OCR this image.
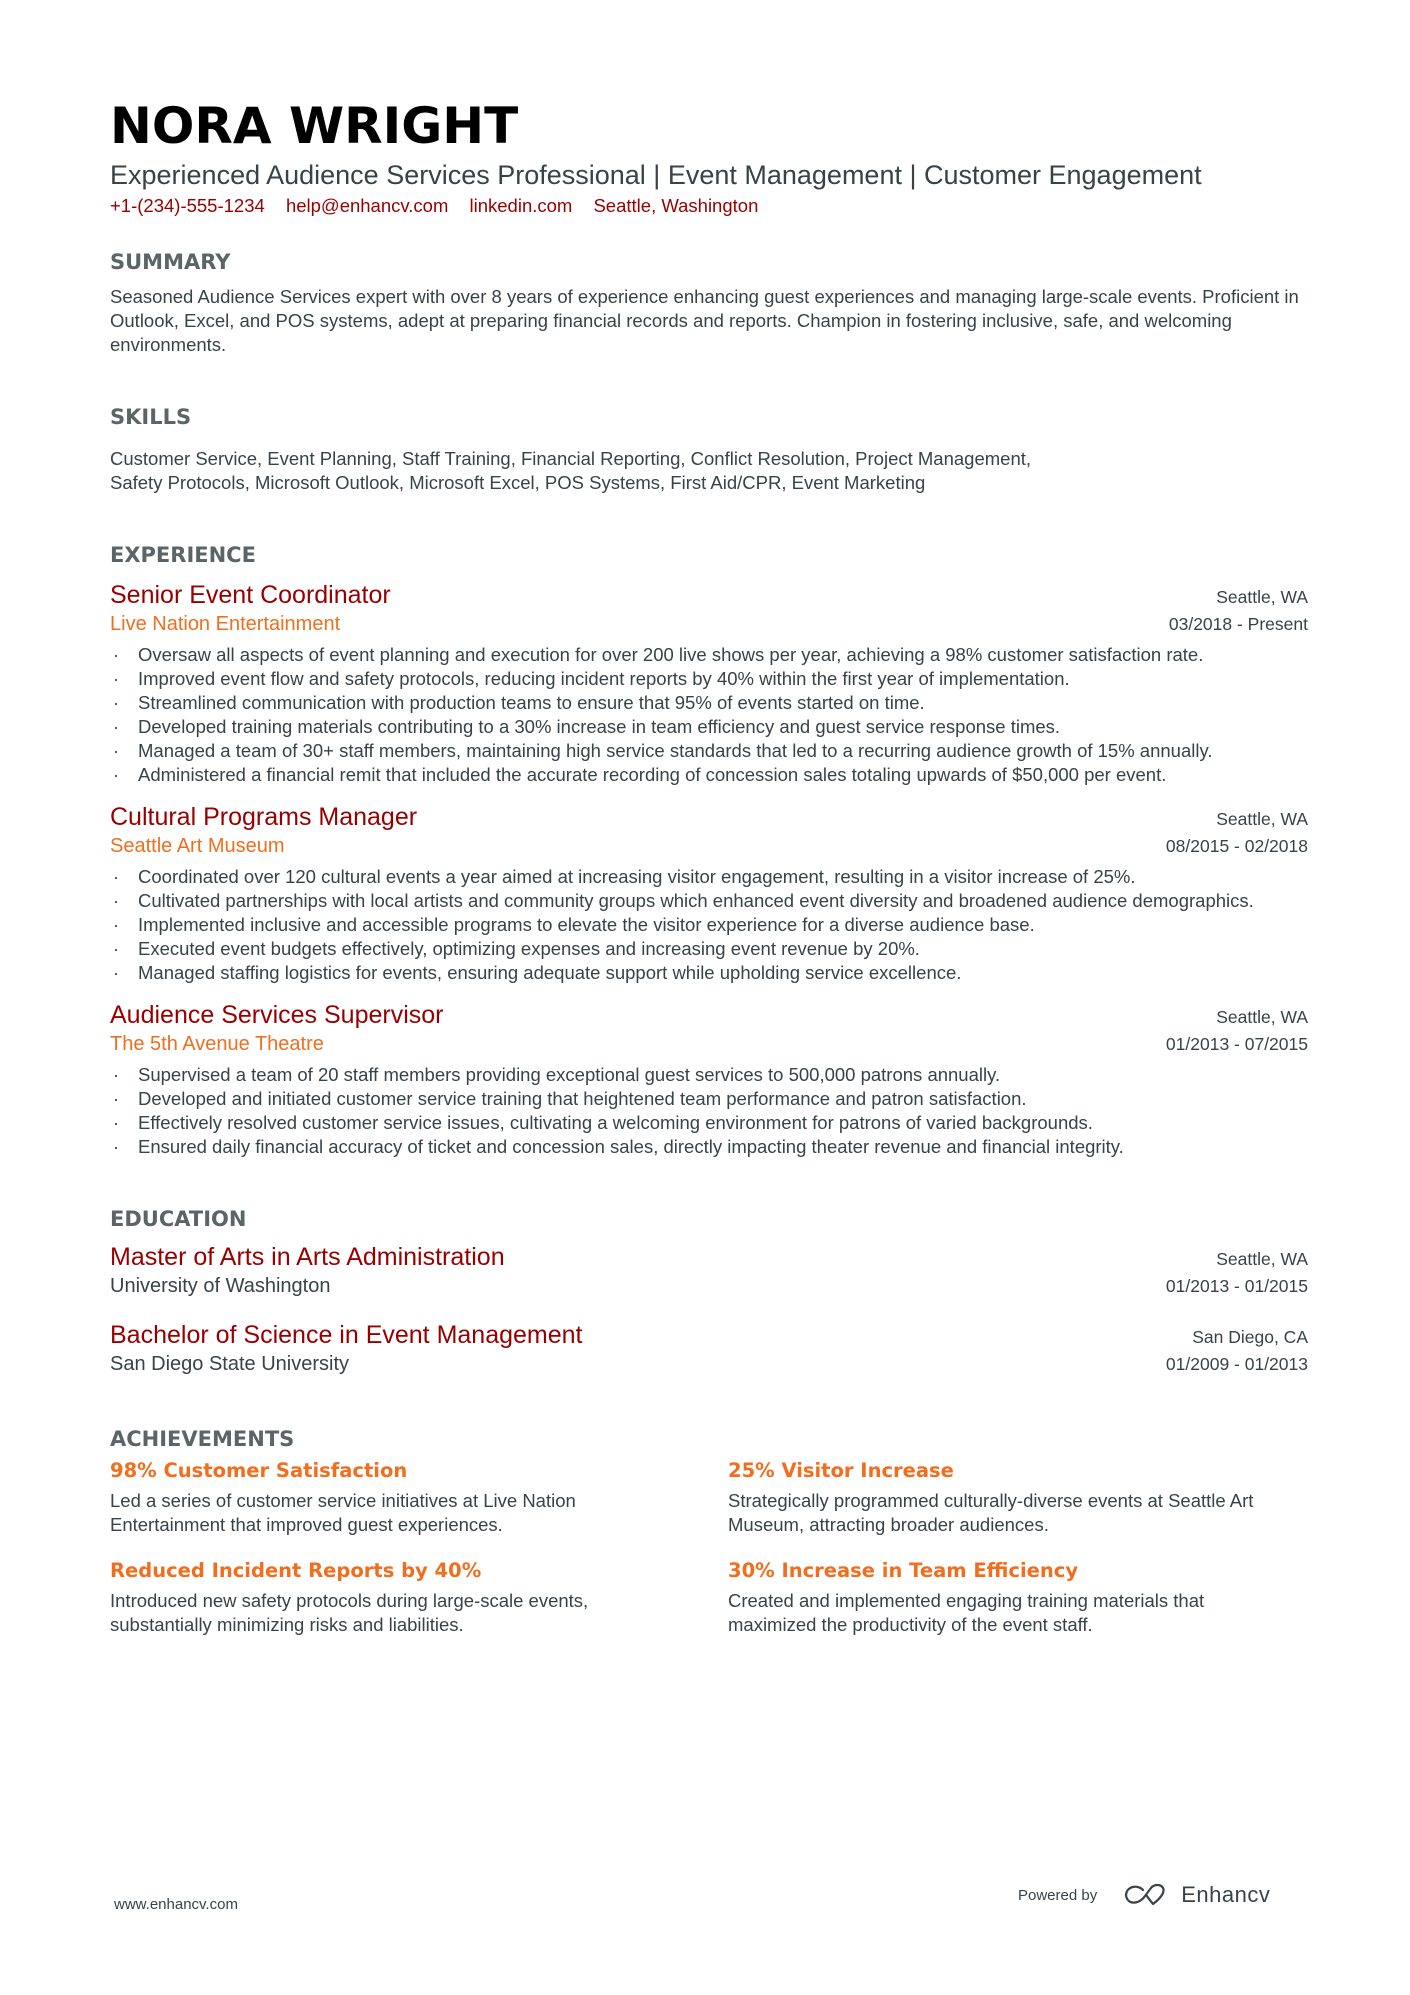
NORA WRIGHT
Experienced Audience Services Professional | Event Management | Customer Engagement
+1-(234)-555-1234 help@enhancv.com linkedin.com Seattle, Washington
SUMMARY

Seasoned Audience Services expert with over 8 years of experience enhancing guest experiences and managing large-scale events. Proficient in Outlook, Excel, and POS systems, adept at preparing financial records and reports. Champion in fostering inclusive, safe, and welcoming environments.

SKILLS

Customer Service, Event Planning, Staff Training, Financial Reporting, Conflict Resolution, Project Management,
Safety Protocols, Microsoft Outlook, Microsoft Excel, POS Systems, First Aid/CPR, Event Marketing

EXPERIENCE
Senior Event Coordinator	Seattle, WA
Live Nation Entertainment	03/2018 - Present
· Oversaw all aspects of event planning and execution for over 200 live shows per year, achieving a 98% customer satisfaction rate.
· Improved event flow and safety protocols, reducing incident reports by 40% within the first year of implementation.
· Streamlined communication with production teams to ensure that 95% of events started on time.
· Developed training materials contributing to a 30% increase in team efficiency and guest service response times.
· Managed a team of 30+ staff members, maintaining high service standards that led to a recurring audience growth of 15% annually.
· Administered a financial remit that included the accurate recording of concession sales totaling upwards of $50,000 per event.
Cultural Programs Manager	Seattle, WA
Seattle Art Museum	08/2015 - 02/2018
· Coordinated over 120 cultural events a year aimed at increasing visitor engagement, resulting in a visitor increase of 25%.
· Cultivated partnerships with local artists and community groups which enhanced event diversity and broadened audience demographics.
· Implemented inclusive and accessible programs to elevate the visitor experience for a diverse audience base.
· Executed event budgets effectively, optimizing expenses and increasing event revenue by 20%.
· Managed staffing logistics for events, ensuring adequate support while upholding service excellence.
Audience Services Supervisor	Seattle, WA
The 5th Avenue Theatre	01/2013 - 07/2015
· Supervised a team of 20 staff members providing exceptional guest services to 500,000 patrons annually.
· Developed and initiated customer service training that heightened team performance and patron satisfaction.
· Effectively resolved customer service issues, cultivating a welcoming environment for patrons of varied backgrounds.
· Ensured daily financial accuracy of ticket and concession sales, directly impacting theater revenue and financial integrity.
EDUCATION
Master of Arts in Arts Administration	Seattle, WA
University of Washington	01/2013 - 01/2015
Bachelor of Science in Event Management	San Diego, CA
San Diego State University	01/2009 - 01/2013
ACHIEVEMENTS
98% Customer Satisfaction
Led a series of customer service initiatives at Live Nation Entertainment that improved guest experiences.
25% Visitor Increase
Strategically programmed culturally-diverse events at Seattle Art Museum, attracting broader audiences.
Reduced Incident Reports by 40%
Introduced new safety protocols during large-scale events, substantially minimizing risks and liabilities.
30% Increase in Team Efficiency
Created and implemented engaging training materials that maximized the productivity of the event staff.
www.enhancv.com
Powered by	Enhancv
